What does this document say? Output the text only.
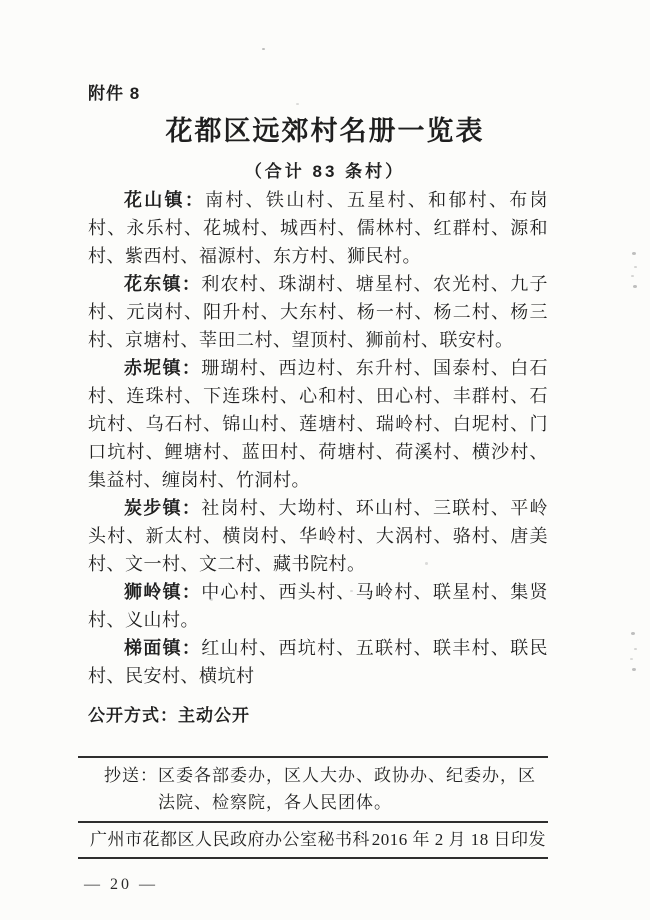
附件 8
花都区远郊村名册一览表
（合计 83 条村）

花山镇：南村、铁山村、五星村、和郁村、布岗村、永乐村、花城村、城西村、儒林村、红群村、源和村、紫西村、福源村、东方村、狮民村。

花东镇：利农村、珠湖村、塘星村、农光村、九子村、元岗村、阳升村、大东村、杨一村、杨二村、杨三村、京塘村、莘田二村、望顶村、狮前村、联安村。

赤坭镇：珊瑚村、西边村、东升村、国泰村、白石村、连珠村、下连珠村、心和村、田心村、丰群村、石坑村、乌石村、锦山村、莲塘村、瑞岭村、白坭村、门口坑村、鲤塘村、蓝田村、荷塘村、荷溪村、横沙村、集益村、缠岗村、竹洞村。

炭步镇：社岗村、大坳村、环山村、三联村、平岭头村、新太村、横岗村、华岭村、大涡村、骆村、唐美村、文一村、文二村、藏书院村。

狮岭镇：中心村、西头村、马岭村、联星村、集贤村、义山村。

梯面镇：红山村、西坑村、五联村、联丰村、联民村、民安村、横坑村

公开方式：主动公开
抄送： 区委各部委办，区人大办、政协办、纪委办，区
法院、检察院，各人民团体。
广州市花都区人民政府办公室秘书科 2016 年 2 月 18 日印发
— 20 —
